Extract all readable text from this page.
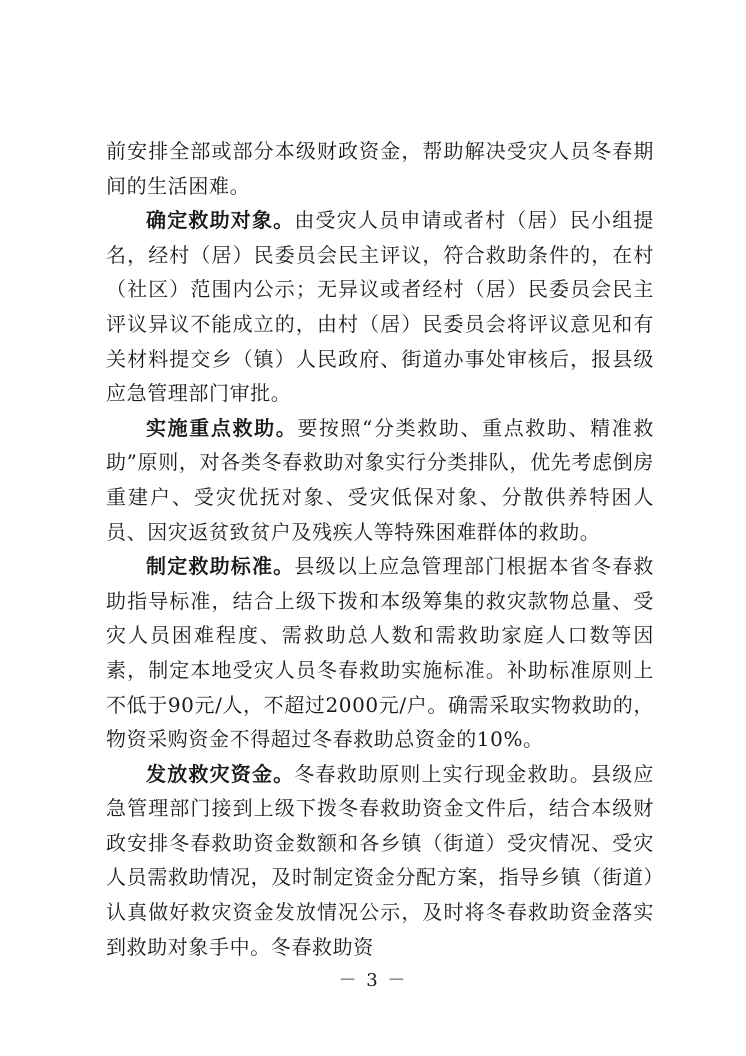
前安排全部或部分本级财政资金，帮助解决受灾人员冬春期间的生活困难。

确定救助对象。由受灾人员申请或者村（居）民小组提名，经村（居）民委员会民主评议，符合救助条件的，在村（社区）范围内公示；无异议或者经村（居）民委员会民主评议异议不能成立的，由村（居）民委员会将评议意见和有关材料提交乡（镇）人民政府、街道办事处审核后，报县级应急管理部门审批。

实施重点救助。要按照“分类救助、重点救助、精准救助”原则，对各类冬春救助对象实行分类排队，优先考虑倒房重建户、受灾优抚对象、受灾低保对象、分散供养特困人员、因灾返贫致贫户及残疾人等特殊困难群体的救助。

制定救助标准。县级以上应急管理部门根据本省冬春救助指导标准，结合上级下拨和本级筹集的救灾款物总量、受灾人员困难程度、需救助总人数和需救助家庭人口数等因素，制定本地受灾人员冬春救助实施标准。补助标准原则上不低于90元/人，不超过2000元/户。确需采取实物救助的，物资采购资金不得超过冬春救助总资金的10%。

发放救灾资金。冬春救助原则上实行现金救助。县级应急管理部门接到上级下拨冬春救助资金文件后，结合本级财政安排冬春救助资金数额和各乡镇（街道）受灾情况、受灾人员需救助情况，及时制定资金分配方案，指导乡镇（街道）认真做好救灾资金发放情况公示，及时将冬春救助资金落实到救助对象手中。冬春救助资

－ 3 －
